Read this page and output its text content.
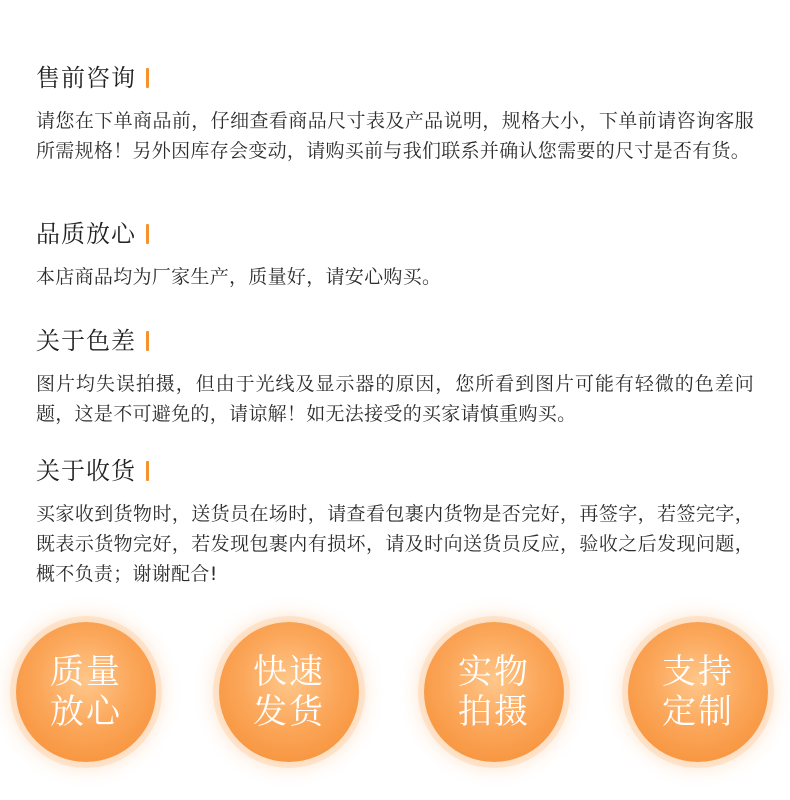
售前咨询
请您在下单商品前，仔细查看商品尺寸表及产品说明，规格大小，下单前请咨询客服所需规格！另外因库存会变动，请购买前与我们联系并确认您需要的尺寸是否有货。
品质放心
本店商品均为厂家生产，质量好，请安心购买。
关于色差
图片均失误拍摄，但由于光线及显示器的原因，您所看到图片可能有轻微的色差问题，这是不可避免的，请谅解！如无法接受的买家请慎重购买。
关于收货
买家收到货物时，送货员在场时，请查看包裹内货物是否完好，再签字，若签完字，既表示货物完好，若发现包裹内有损坏，请及时向送货员反应，验收之后发现问题，概不负责；谢谢配合!
质量
放心
快速
发货
实物
拍摄
支持
定制
